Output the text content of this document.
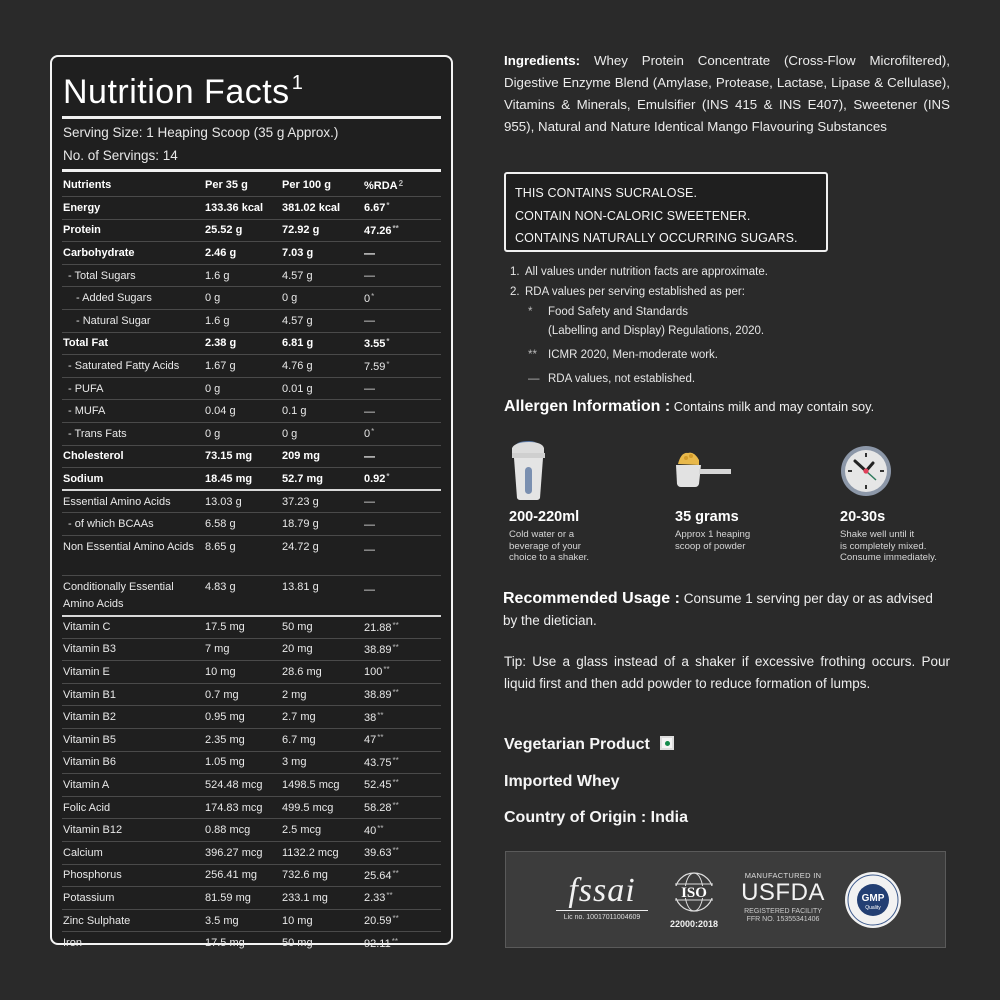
Nutrition Facts $^1$
Serving Size: 1 Heaping Scoop (35 g Approx.)
No. of Servings: 14
Nutrients	Per 35 g	Per 100 g	%RDA$^2$
Energy	133.36 kcal	381.02 kcal	6.67*
Protein	25.52 g	72.92 g	47.26**
Carbohydrate	2.46 g	7.03 g	—
- Total Sugars	1.6 g	4.57 g	—
- Added Sugars	0 g	0 g	0*
- Natural Sugar	1.6 g	4.57 g	—
Total Fat	2.38 g	6.81 g	3.55*
- Saturated Fatty Acids	1.67 g	4.76 g	7.59*
- PUFA	0 g	0.01 g	—
- MUFA	0.04 g	0.1 g	—
- Trans Fats	0 g	0 g	0*
Cholesterol	73.15 mg	209 mg	—
Sodium	18.45 mg	52.7 mg	0.92*
Essential Amino Acids	13.03 g	37.23 g	—
- of which BCAAs	6.58 g	18.79 g	—
Non Essential Amino Acids	8.65 g	24.72 g	—
Conditionally Essential Amino Acids	4.83 g	13.81 g	—
Vitamin C	17.5 mg	50 mg	21.88**
Vitamin B3	7 mg	20 mg	38.89**
Vitamin E	10 mg	28.6 mg	100**
Vitamin B1	0.7 mg	2 mg	38.89**
Vitamin B2	0.95 mg	2.7 mg	38**
Vitamin B5	2.35 mg	6.7 mg	47**
Vitamin B6	1.05 mg	3 mg	43.75**
Vitamin A	524.48 mcg	1498.5 mcg	52.45**
Folic Acid	174.83 mcg	499.5 mcg	58.28**
Vitamin B12	0.88 mcg	2.5 mcg	40**
Calcium	396.27 mcg	1132.2 mcg	39.63**
Phosphorus	256.41 mg	732.6 mg	25.64**
Potassium	81.59 mg	233.1 mg	2.33**
Zinc Sulphate	3.5 mg	10 mg	20.59**
Iron	17.5 mg	50 mg	92.11**

Ingredients: Whey Protein Concentrate (Cross-Flow Microfiltered), Digestive Enzyme Blend (Amylase, Protease, Lactase, Lipase & Cellulase), Vitamins & Minerals, Emulsifier (INS 415 & INS E407), Sweetener (INS 955), Natural and Nature Identical Mango Flavouring Substances

THIS CONTAINS SUCRALOSE.
CONTAIN NON-CALORIC SWEETENER.
CONTAINS NATURALLY OCCURRING SUGARS.
1. All values under nutrition facts are approximate.
2. RDA values per serving established as per:
*	Food Safety and Standards
(Labelling and Display) Regulations, 2020.
** ICMR 2020, Men-moderate work.
— RDA values, not established.
Allergen Information : Contains milk and may contain soy.
200-220ml
Cold water or a
beverage of your
choice to a shaker.
35 grams
Approx 1 heaping
scoop of powder
20-30s
Shake well until it
is completely mixed.
Consume immediately.
Recommended Usage : Consume 1 serving per day or as advised by the dietician.
Tip: Use a glass instead of a shaker if excessive frothing occurs. Pour liquid first and then add powder to reduce formation of lumps.
Vegetarian Product
Imported Whey
Country of Origin : India
fssai
Lic no. 10017011004609
ISO
22000:2018
MANUFACTURED IN
USFDA
REGISTERED FACILITY
FFR NO. 15355341406
GMP
Quality
